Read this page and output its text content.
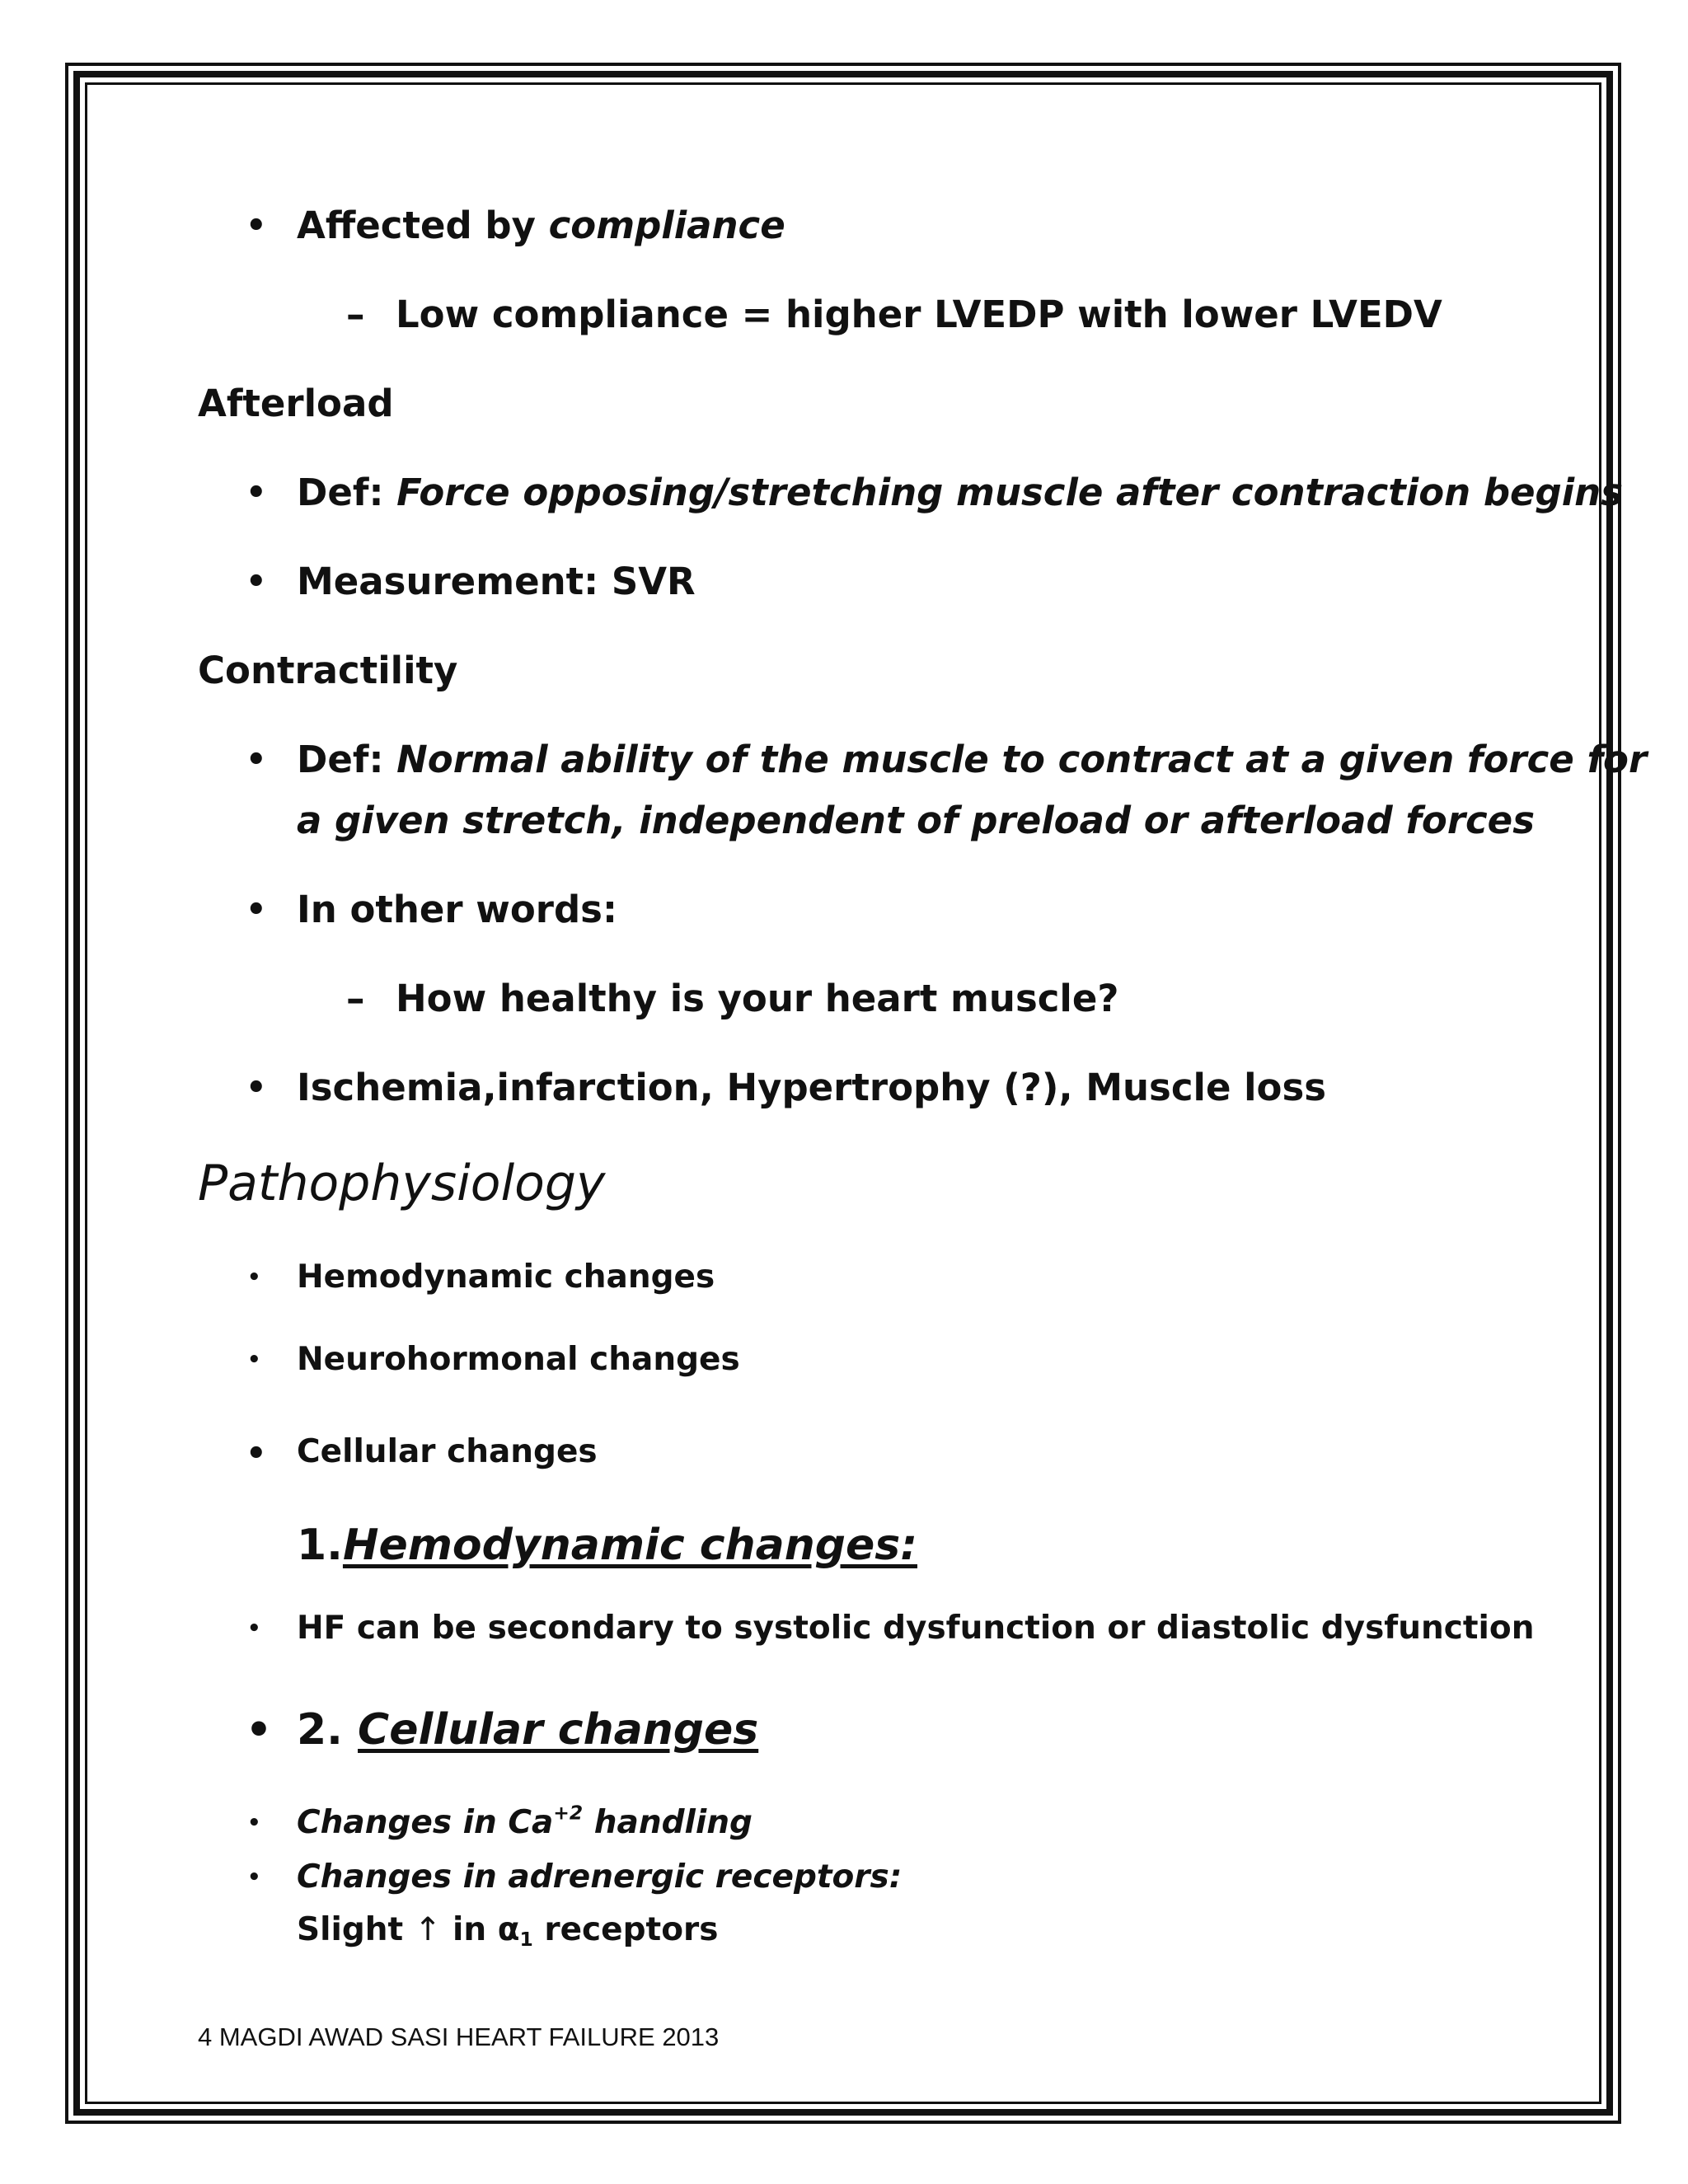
• Affected by compliance
– Low compliance = higher LVEDP with lower LVEDV
Afterload
• Def: Force opposing/stretching muscle after contraction begins
• Measurement: SVR
Contractility
• Def: Normal ability of the muscle to contract at a given force for
a given stretch, independent of preload or afterload forces
• In other words:
– How healthy is your heart muscle?
• Ischemia,infarction, Hypertrophy (?), Muscle loss
Pathophysiology
• Hemodynamic changes
• Neurohormonal changes
• Cellular changes
1.Hemodynamic changes:
• HF can be secondary to systolic dysfunction or diastolic dysfunction
• 2. Cellular changes
• Changes in $Ca^{+2}$ handling
• Changes in adrenergic receptors:
Slight ↑ in $\alpha_1$ receptors
4 MAGDI AWAD SASI HEART FAILURE 2013
